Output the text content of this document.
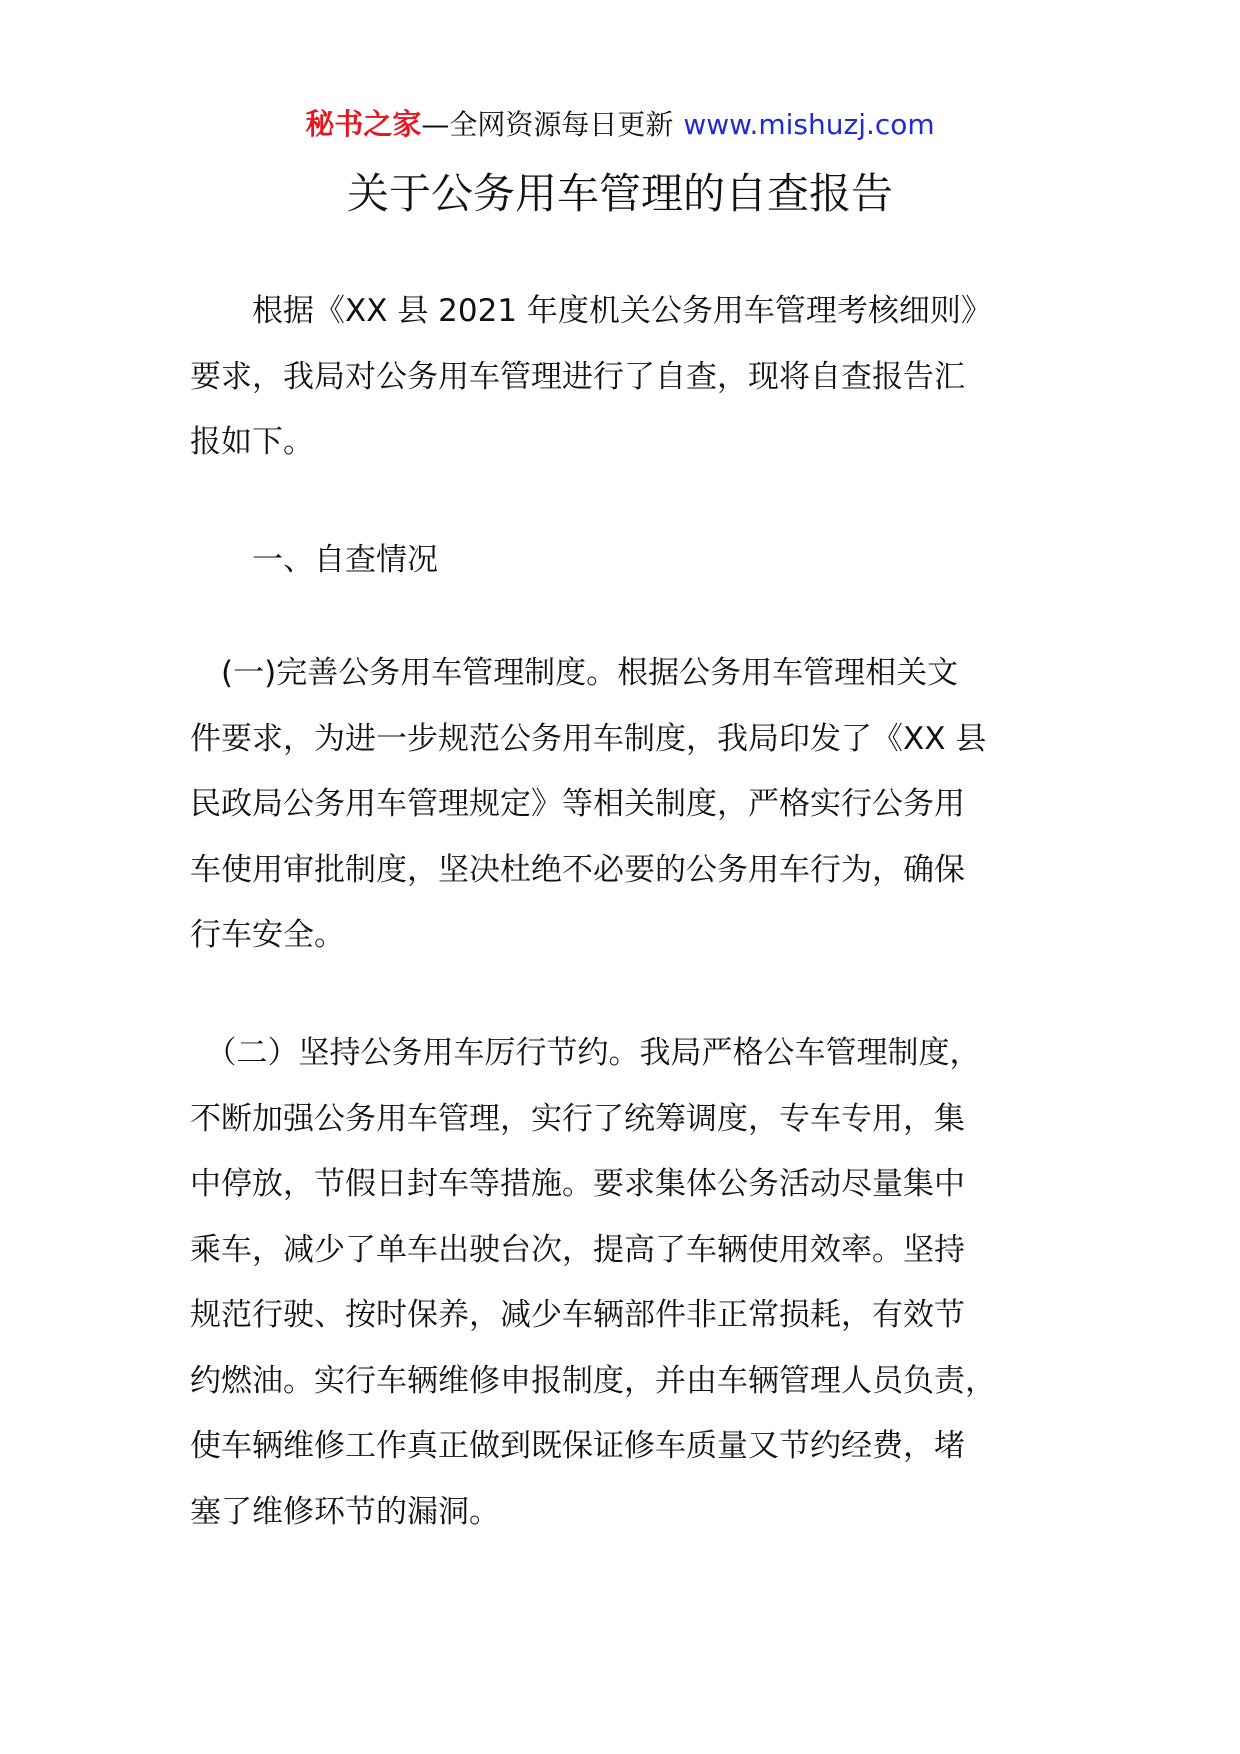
秘书之家—全网资源每日更新 www.mishuzj.com
关于公务用车管理的自查报告

　　根据《XX 县 2021 年度机关公务用车管理考核细则》
要求，我局对公务用车管理进行了自查，现将自查报告汇
报如下。

　　一、自查情况

　(一)完善公务用车管理制度。根据公务用车管理相关文
件要求，为进一步规范公务用车制度，我局印发了《XX 县
民政局公务用车管理规定》等相关制度，严格实行公务用
车使用审批制度，坚决杜绝不必要的公务用车行为，确保
行车安全。

　（二）坚持公务用车厉行节约。我局严格公车管理制度，
不断加强公务用车管理，实行了统筹调度，专车专用，集
中停放，节假日封车等措施。要求集体公务活动尽量集中
乘车，减少了单车出驶台次，提高了车辆使用效率。坚持
规范行驶、按时保养，减少车辆部件非正常损耗，有效节
约燃油。实行车辆维修申报制度，并由车辆管理人员负责，
使车辆维修工作真正做到既保证修车质量又节约经费，堵
塞了维修环节的漏洞。
